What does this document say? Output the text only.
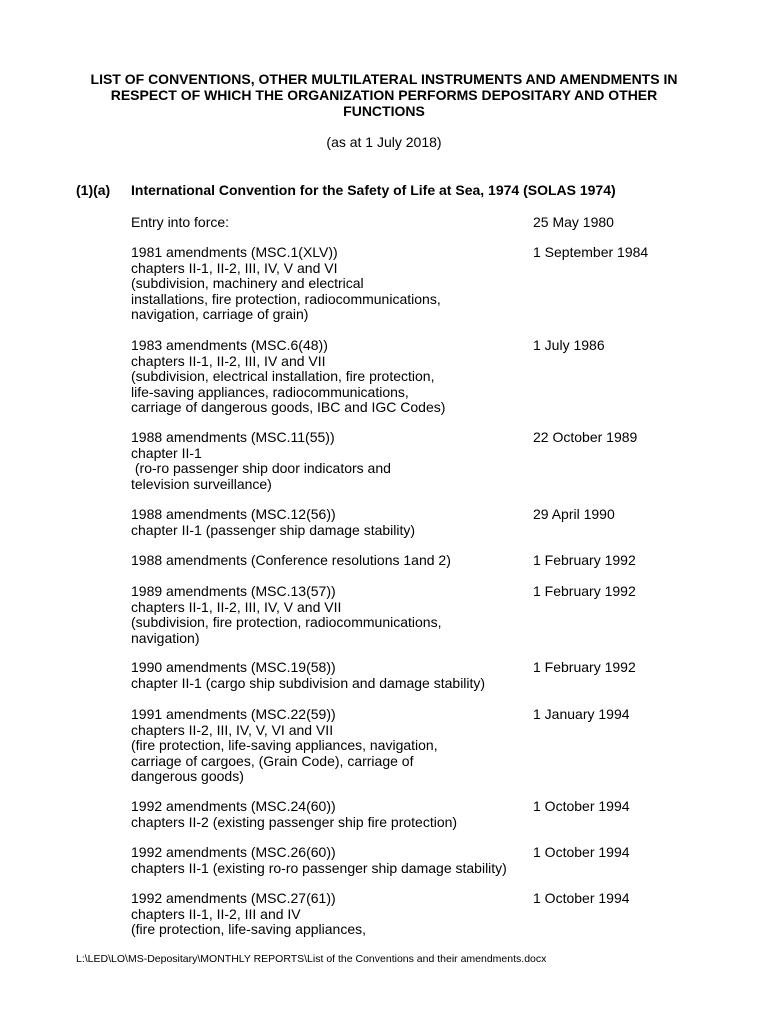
LIST OF CONVENTIONS, OTHER MULTILATERAL INSTRUMENTS AND AMENDMENTS IN
RESPECT OF WHICH THE ORGANIZATION PERFORMS DEPOSITARY AND OTHER
FUNCTIONS
(as at 1 July 2018)
(1)(a) International Convention for the Safety of Life at Sea, 1974 (SOLAS 1974)
Entry into force:	25 May 1980
1981 amendments (MSC.1(XLV))
chapters II-1, II-2, III, IV, V and VI
(subdivision, machinery and electrical
installations, fire protection, radiocommunications,
navigation, carriage of grain)
1 September 1984
1983 amendments (MSC.6(48))
chapters II-1, II-2, III, IV and VII
(subdivision, electrical installation, fire protection,
life-saving appliances, radiocommunications,
carriage of dangerous goods, IBC and IGC Codes)
1 July 1986
1988 amendments (MSC.11(55))
chapter II-1
(ro-ro passenger ship door indicators and
television surveillance)
22 October 1989
1988 amendments (MSC.12(56))
chapter II-1 (passenger ship damage stability)
29 April 1990
1988 amendments (Conference resolutions 1and 2)	1 February 1992
1989 amendments (MSC.13(57))
chapters II-1, II-2, III, IV, V and VII
(subdivision, fire protection, radiocommunications,
navigation)
1 February 1992
1990 amendments (MSC.19(58))
chapter II-1 (cargo ship subdivision and damage stability)
1 February 1992
1991 amendments (MSC.22(59))
chapters II-2, III, IV, V, VI and VII
(fire protection, life-saving appliances, navigation,
carriage of cargoes, (Grain Code), carriage of
dangerous goods)
1 January 1994
1992 amendments (MSC.24(60))
chapters II-2 (existing passenger ship fire protection)
1 October 1994
1992 amendments (MSC.26(60))
chapters II-1 (existing ro-ro passenger ship damage stability)
1 October 1994
1992 amendments (MSC.27(61))
chapters II-1, II-2, III and IV
(fire protection, life-saving appliances,
1 October 1994
L:\LED\LO\MS-Depositary\MONTHLY REPORTS\List of the Conventions and their amendments.docx
